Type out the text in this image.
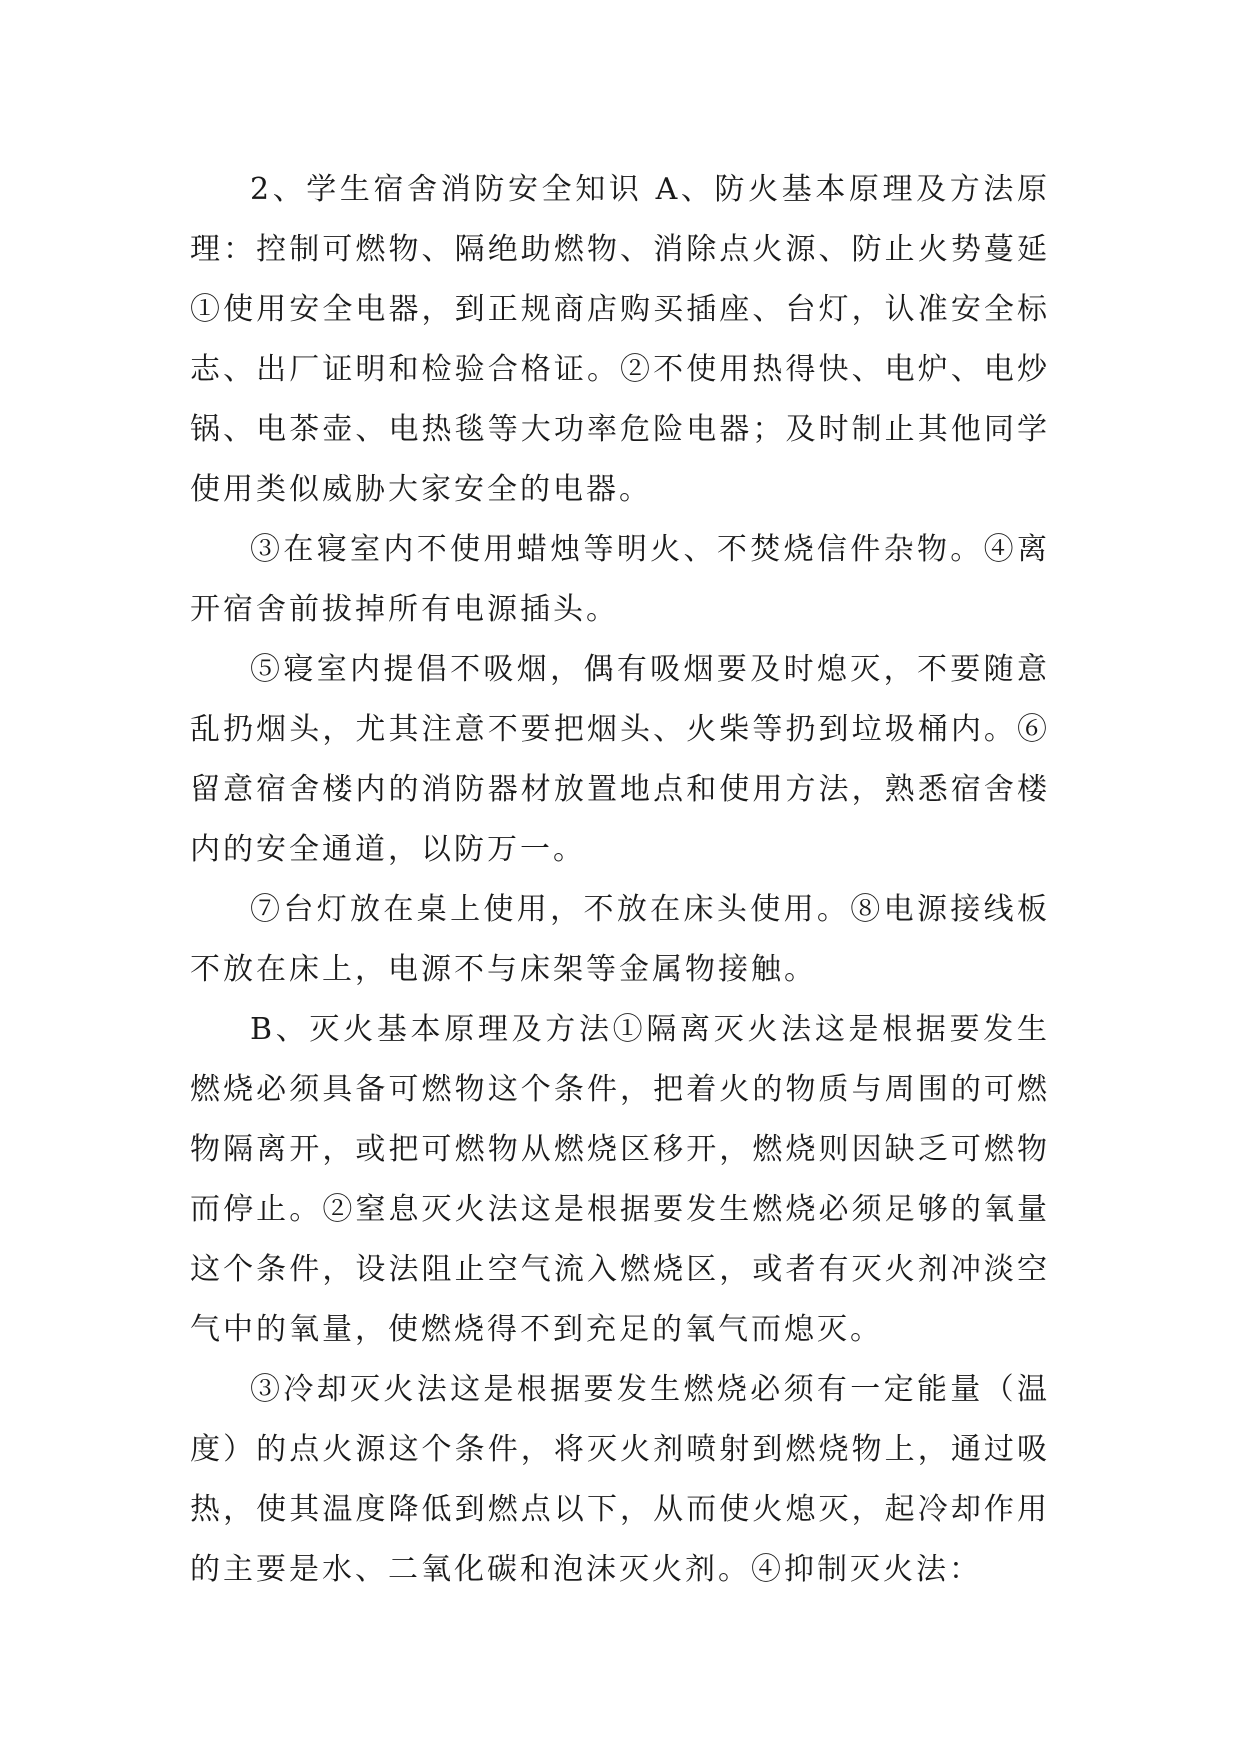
2、学生宿舍消防安全知识 A、防火基本原理及方法原理：控制可燃物、隔绝助燃物、消除点火源、防止火势蔓延①使用安全电器，到正规商店购买插座、台灯，认准安全标志、出厂证明和检验合格证。②不使用热得快、电炉、电炒锅、电茶壶、电热毯等大功率危险电器；及时制止其他同学使用类似威胁大家安全的电器。

③在寝室内不使用蜡烛等明火、不焚烧信件杂物。④离开宿舍前拔掉所有电源插头。

⑤寝室内提倡不吸烟，偶有吸烟要及时熄灭，不要随意乱扔烟头，尤其注意不要把烟头、火柴等扔到垃圾桶内。⑥留意宿舍楼内的消防器材放置地点和使用方法，熟悉宿舍楼内的安全通道，以防万一。

⑦台灯放在桌上使用，不放在床头使用。⑧电源接线板不放在床上，电源不与床架等金属物接触。

B、灭火基本原理及方法①隔离灭火法这是根据要发生燃烧必须具备可燃物这个条件，把着火的物质与周围的可燃物隔离开，或把可燃物从燃烧区移开，燃烧则因缺乏可燃物而停止。②窒息灭火法这是根据要发生燃烧必须足够的氧量这个条件，设法阻止空气流入燃烧区，或者有灭火剂冲淡空气中的氧量，使燃烧得不到充足的氧气而熄灭。

③冷却灭火法这是根据要发生燃烧必须有一定能量（温度）的点火源这个条件，将灭火剂喷射到燃烧物上，通过吸热，使其温度降低到燃点以下，从而使火熄灭，起冷却作用的主要是水、二氧化碳和泡沫灭火剂。④抑制灭火法：
